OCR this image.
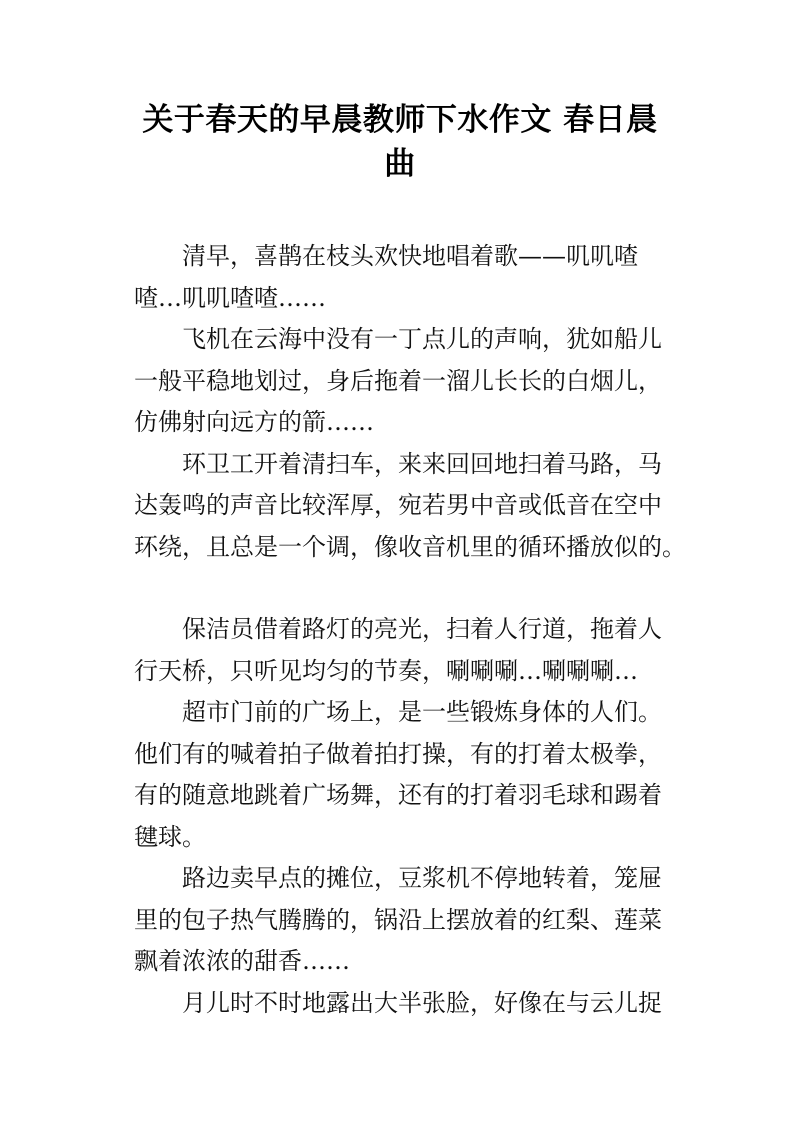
关于春天的早晨教师下水作文 春日晨
曲

清早，喜鹊在枝头欢快地唱着歌——叽叽喳
喳…叽叽喳喳……

飞机在云海中没有一丁点儿的声响，犹如船儿
一般平稳地划过，身后拖着一溜儿长长的白烟儿，
仿佛射向远方的箭……

环卫工开着清扫车，来来回回地扫着马路，马
达轰鸣的声音比较浑厚，宛若男中音或低音在空中
环绕，且总是一个调，像收音机里的循环播放似的。

保洁员借着路灯的亮光，扫着人行道，拖着人
行天桥，只听见均匀的节奏，唰唰唰…唰唰唰…

超市门前的广场上，是一些锻炼身体的人们。
他们有的喊着拍子做着拍打操，有的打着太极拳，
有的随意地跳着广场舞，还有的打着羽毛球和踢着
毽球。

路边卖早点的摊位，豆浆机不停地转着，笼屉
里的包子热气腾腾的，锅沿上摆放着的红梨、莲菜
飘着浓浓的甜香……

月儿时不时地露出大半张脸，好像在与云儿捉
